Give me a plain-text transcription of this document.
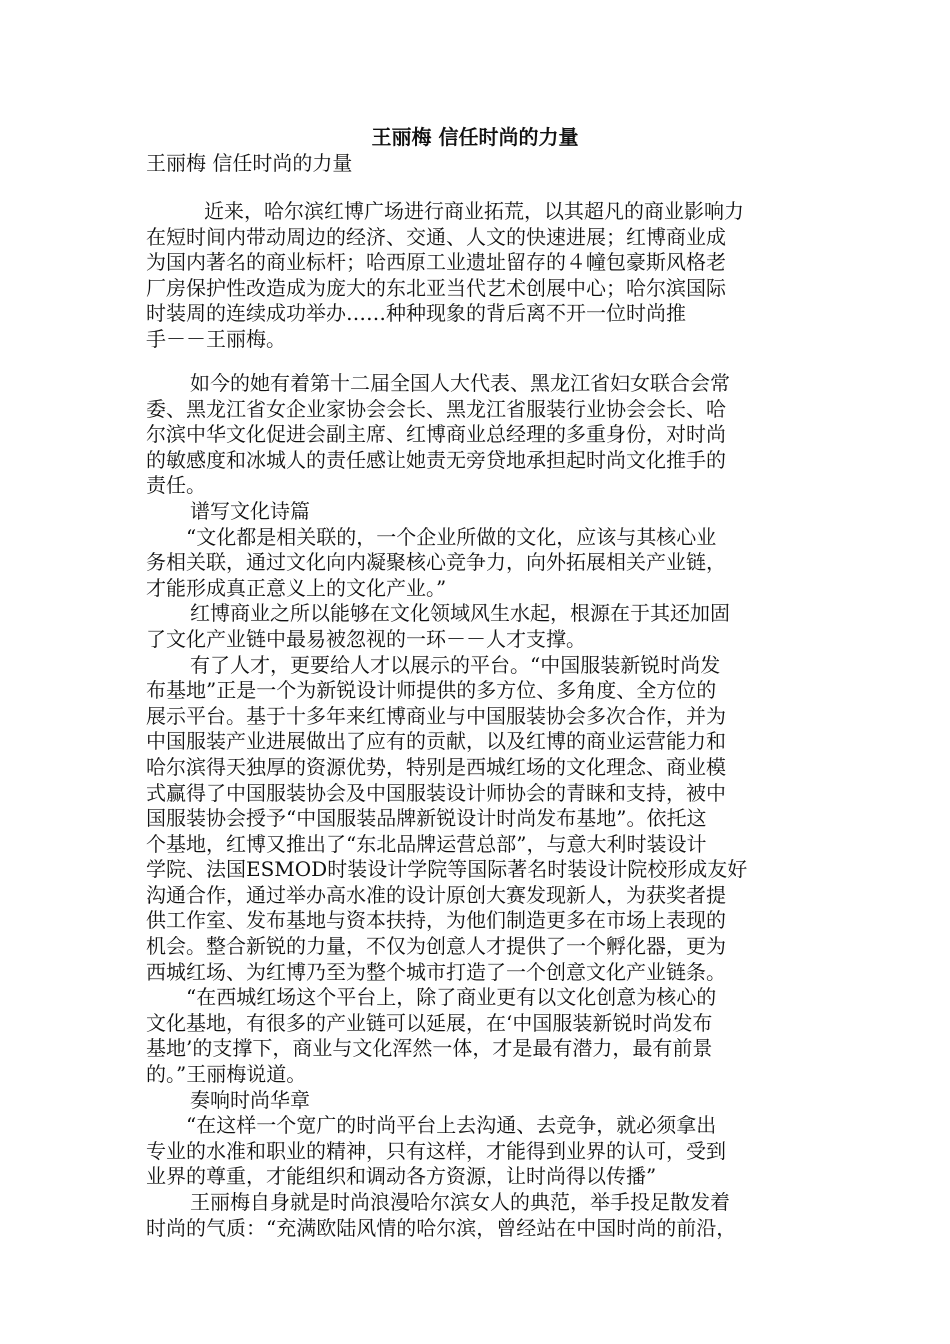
王丽梅 信任时尚的力量
王丽梅 信任时尚的力量
近来，哈尔滨红博广场进行商业拓荒，以其超凡的商业影响力
在短时间内带动周边的经济、交通、人文的快速进展；红博商业成
为国内著名的商业标杆；哈西原工业遗址留存的４幢包豪斯风格老
厂房保护性改造成为庞大的东北亚当代艺术创展中心；哈尔滨国际
时装周的连续成功举办……种种现象的背后离不开一位时尚推
手－－王丽梅。
如今的她有着第十二届全国人大代表、黑龙江省妇女联合会常
委、黑龙江省女企业家协会会长、黑龙江省服装行业协会会长、哈
尔滨中华文化促进会副主席、红博商业总经理的多重身份，对时尚
的敏感度和冰城人的责任感让她责无旁贷地承担起时尚文化推手的
责任。
谱写文化诗篇
“文化都是相关联的，一个企业所做的文化，应该与其核心业
务相关联，通过文化向内凝聚核心竞争力，向外拓展相关产业链，
才能形成真正意义上的文化产业。”
红博商业之所以能够在文化领域风生水起，根源在于其还加固
了文化产业链中最易被忽视的一环－－人才支撑。
有了人才，更要给人才以展示的平台。“中国服装新锐时尚发
布基地”正是一个为新锐设计师提供的多方位、多角度、全方位的
展示平台。基于十多年来红博商业与中国服装协会多次合作，并为
中国服装产业进展做出了应有的贡献，以及红博的商业运营能力和
哈尔滨得天独厚的资源优势，特别是西城红场的文化理念、商业模
式赢得了中国服装协会及中国服装设计师协会的青睐和支持，被中
国服装协会授予“中国服装品牌新锐设计时尚发布基地”。依托这
个基地，红博又推出了“东北品牌运营总部”，与意大利时装设计
学院、法国ESMOD时装设计学院等国际著名时装设计院校形成友好
沟通合作，通过举办高水准的设计原创大赛发现新人，为获奖者提
供工作室、发布基地与资本扶持，为他们制造更多在市场上表现的
机会。整合新锐的力量，不仅为创意人才提供了一个孵化器，更为
西城红场、为红博乃至为整个城市打造了一个创意文化产业链条。
“在西城红场这个平台上，除了商业更有以文化创意为核心的
文化基地，有很多的产业链可以延展，在‘中国服装新锐时尚发布
基地’的支撑下，商业与文化浑然一体，才是最有潜力，最有前景
的。”王丽梅说道。
奏响时尚华章
“在这样一个宽广的时尚平台上去沟通、去竞争，就必须拿出
专业的水准和职业的精神，只有这样，才能得到业界的认可，受到
业界的尊重，才能组织和调动各方资源，让时尚得以传播”
王丽梅自身就是时尚浪漫哈尔滨女人的典范，举手投足散发着
时尚的气质：“充满欧陆风情的哈尔滨，曾经站在中国时尚的前沿，
